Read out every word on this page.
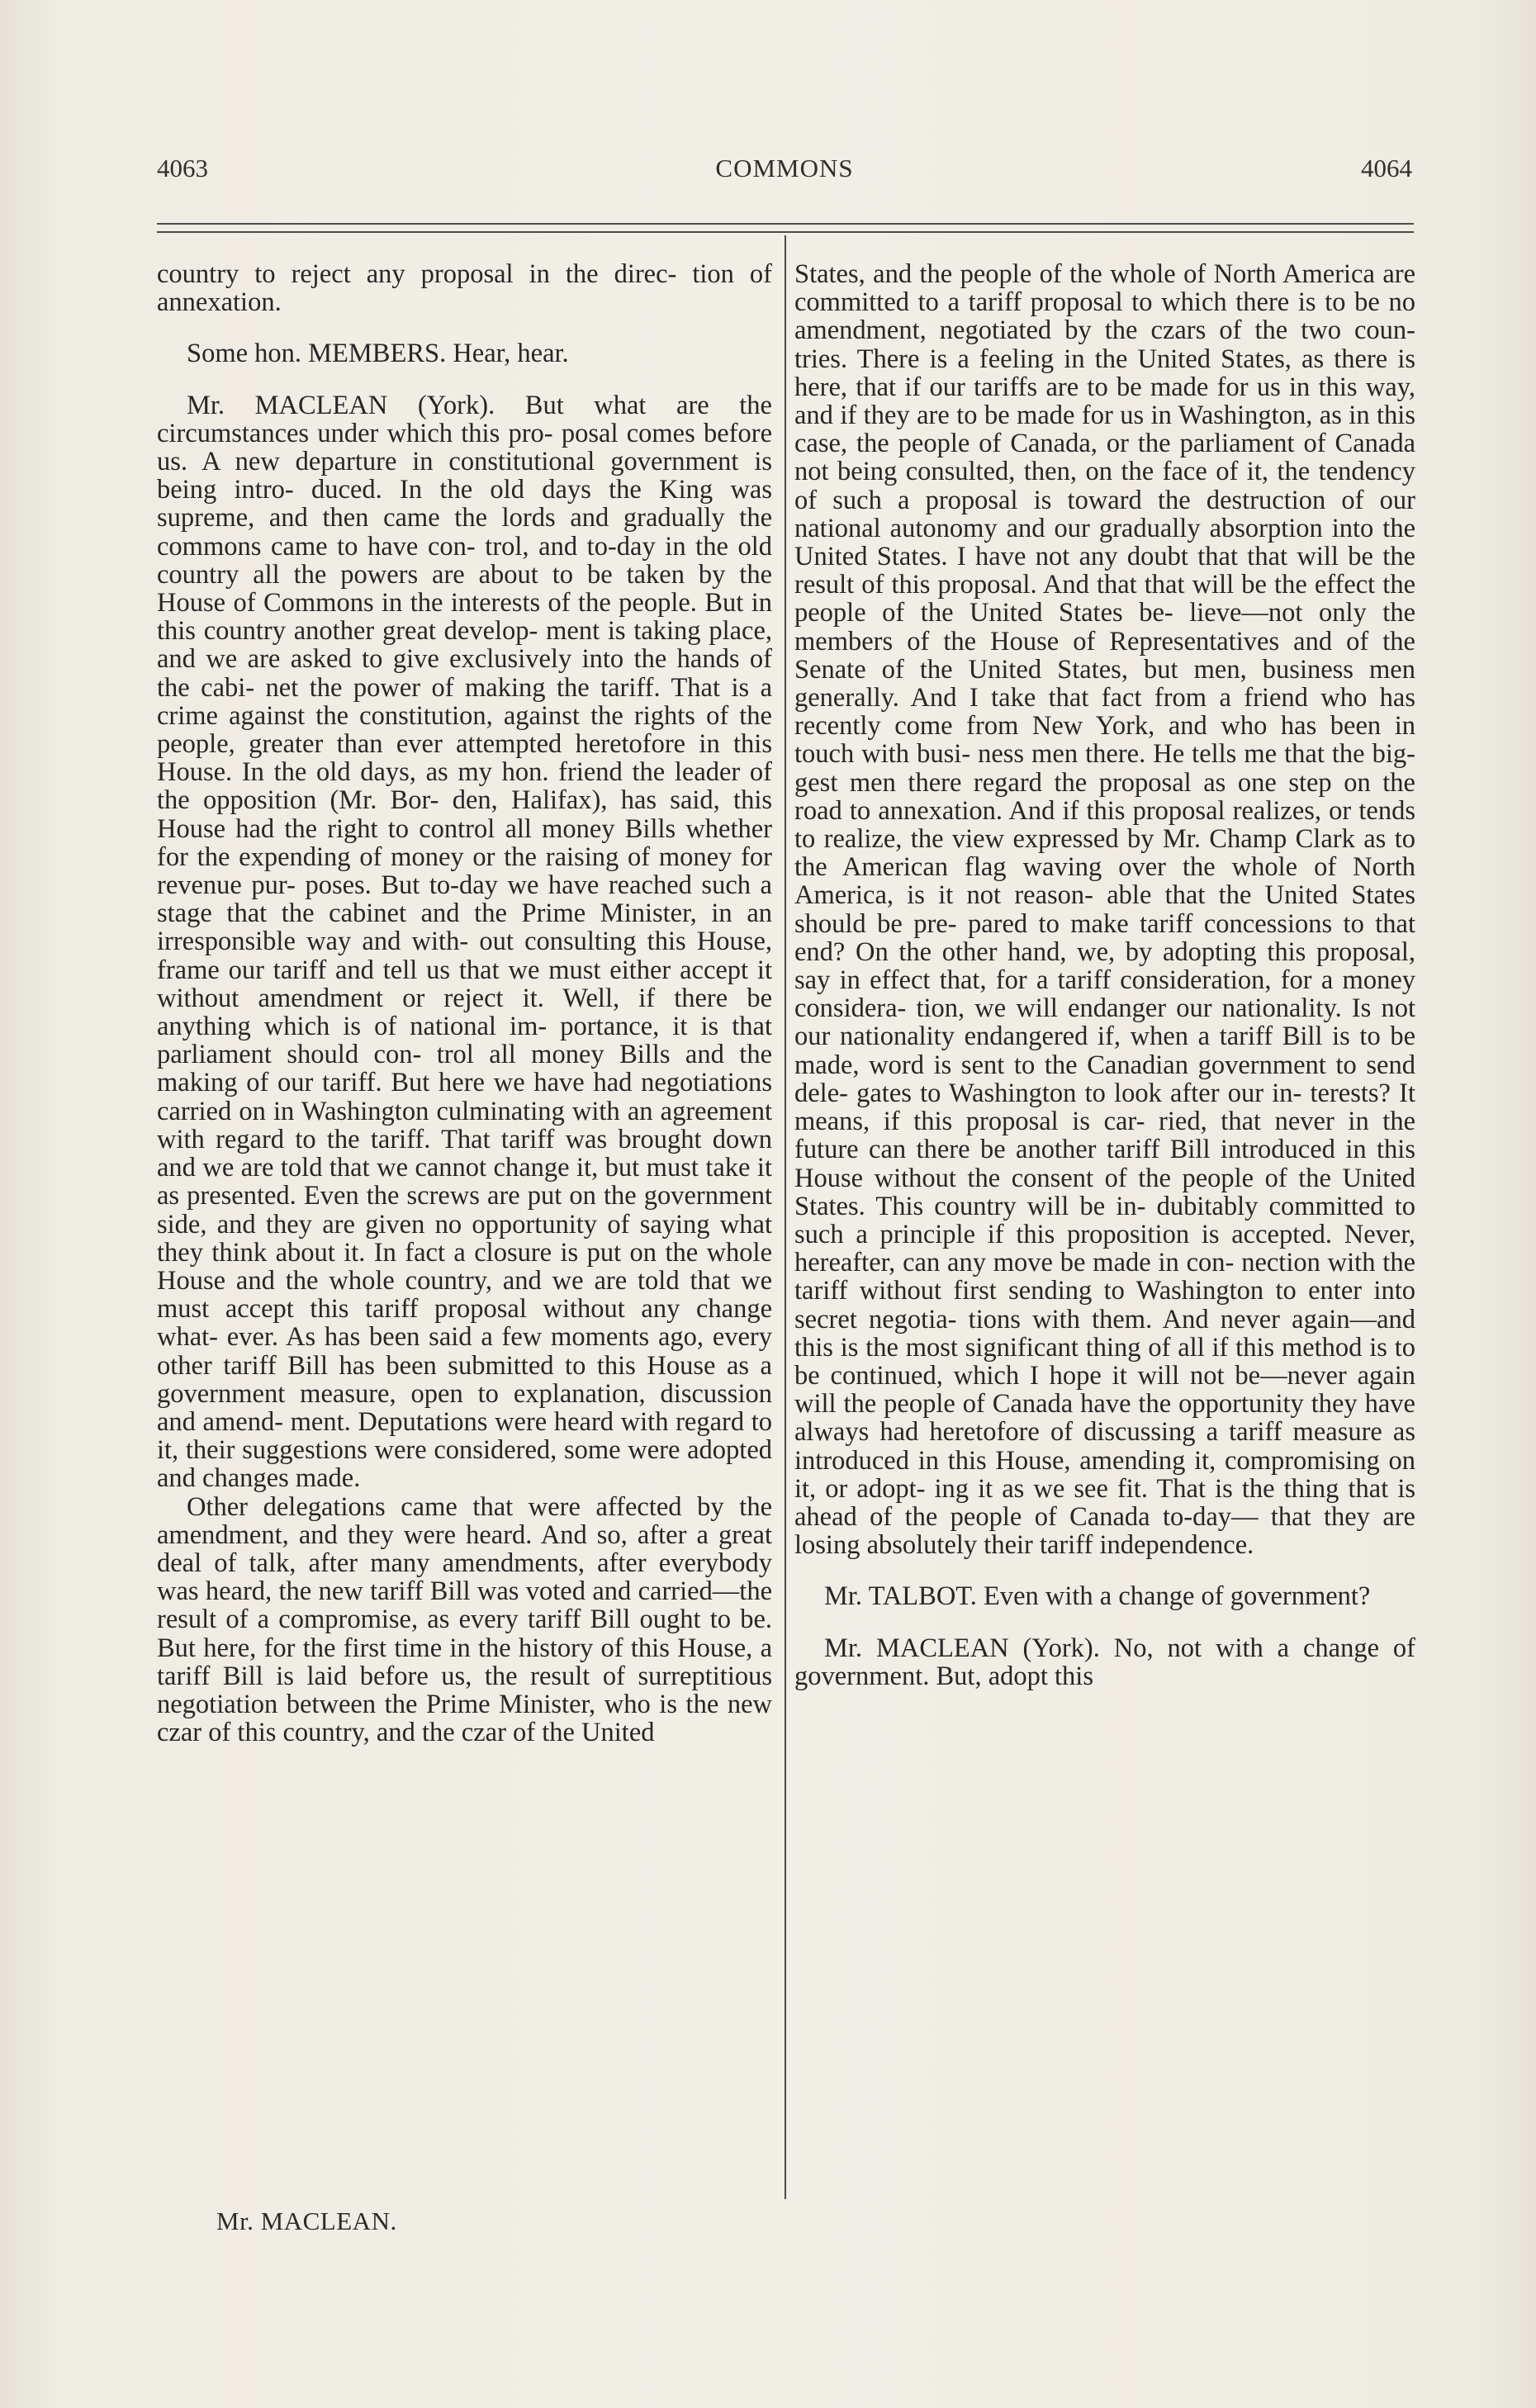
4063	COMMONS	4064

country to reject any proposal in the direc- tion of annexation.

Some hon. MEMBERS. Hear, hear.

Mr. MACLEAN (York). But what are the circumstances under which this pro- posal comes before us. A new departure in constitutional government is being intro- duced. In the old days the King was supreme, and then came the lords and gradually the commons came to have con- trol, and to-day in the old country all the powers are about to be taken by the House of Commons in the interests of the people. But in this country another great develop- ment is taking place, and we are asked to give exclusively into the hands of the cabi- net the power of making the tariff. That is a crime against the constitution, against the rights of the people, greater than ever attempted heretofore in this House. In the old days, as my hon. friend the leader of the opposition (Mr. Bor- den, Halifax), has said, this House had the right to control all money Bills whether for the expending of money or the raising of money for revenue pur- poses. But to-day we have reached such a stage that the cabinet and the Prime Minister, in an irresponsible way and with- out consulting this House, frame our tariff and tell us that we must either accept it without amendment or reject it. Well, if there be anything which is of national im- portance, it is that parliament should con- trol all money Bills and the making of our tariff. But here we have had negotiations carried on in Washington culminating with an agreement with regard to the tariff. That tariff was brought down and we are told that we cannot change it, but must take it as presented. Even the screws are put on the government side, and they are given no opportunity of saying what they think about it. In fact a closure is put on the whole House and the whole country, and we are told that we must accept this tariff proposal without any change what- ever. As has been said a few moments ago, every other tariff Bill has been submitted to this House as a government measure, open to explanation, discussion and amend- ment. Deputations were heard with regard to it, their suggestions were considered, some were adopted and changes made.

Other delegations came that were affected by the amendment, and they were heard. And so, after a great deal of talk, after many amendments, after everybody was heard, the new tariff Bill was voted and carried—the result of a compromise, as every tariff Bill ought to be. But here, for the first time in the history of this House, a tariff Bill is laid before us, the result of surreptitious negotiation between the Prime Minister, who is the new czar of this country, and the czar of the United

States, and the people of the whole of North America are committed to a tariff proposal to which there is to be no amendment, negotiated by the czars of the two coun- tries. There is a feeling in the United States, as there is here, that if our tariffs are to be made for us in this way, and if they are to be made for us in Washington, as in this case, the people of Canada, or the parliament of Canada not being consulted, then, on the face of it, the tendency of such a proposal is toward the destruction of our national autonomy and our gradually absorption into the United States. I have not any doubt that that will be the result of this proposal. And that that will be the effect the people of the United States be- lieve—not only the members of the House of Representatives and of the Senate of the United States, but men, business men generally. And I take that fact from a friend who has recently come from New York, and who has been in touch with busi- ness men there. He tells me that the big- gest men there regard the proposal as one step on the road to annexation. And if this proposal realizes, or tends to realize, the view expressed by Mr. Champ Clark as to the American flag waving over the whole of North America, is it not reason- able that the United States should be pre- pared to make tariff concessions to that end? On the other hand, we, by adopting this proposal, say in effect that, for a tariff consideration, for a money considera- tion, we will endanger our nationality. Is not our nationality endangered if, when a tariff Bill is to be made, word is sent to the Canadian government to send dele- gates to Washington to look after our in- terests? It means, if this proposal is car- ried, that never in the future can there be another tariff Bill introduced in this House without the consent of the people of the United States. This country will be in- dubitably committed to such a principle if this proposition is accepted. Never, hereafter, can any move be made in con- nection with the tariff without first sending to Washington to enter into secret negotia- tions with them. And never again—and this is the most significant thing of all if this method is to be continued, which I hope it will not be—never again will the people of Canada have the opportunity they have always had heretofore of discussing a tariff measure as introduced in this House, amending it, compromising on it, or adopt- ing it as we see fit. That is the thing that is ahead of the people of Canada to-day— that they are losing absolutely their tariff independence.

Mr. TALBOT. Even with a change of government?

Mr. MACLEAN (York). No, not with a change of government. But, adopt this

Mr. MACLEAN.
